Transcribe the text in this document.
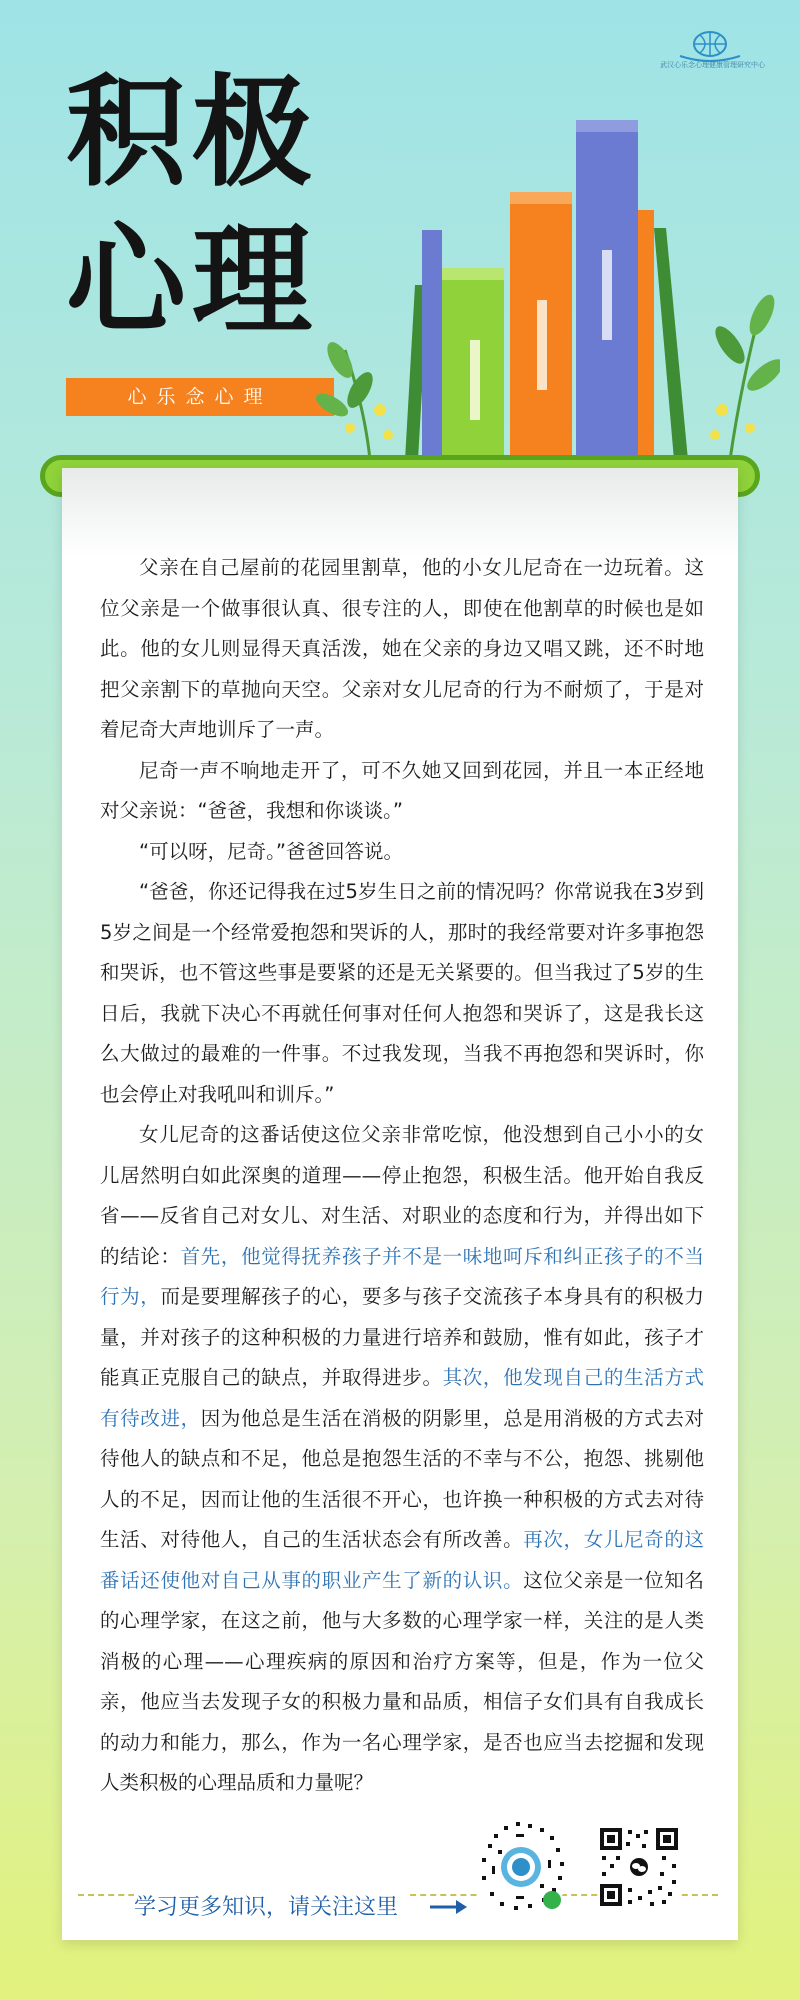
武汉心乐念心理健康管理研究中心
积极
心理
心乐念心理

父亲在自己屋前的花园里割草，他的小女儿尼奇在一边玩着。这位父亲是一个做事很认真、很专注的人，即使在他割草的时候也是如此。他的女儿则显得天真活泼，她在父亲的身边又唱又跳，还不时地把父亲割下的草抛向天空。父亲对女儿尼奇的行为不耐烦了，于是对着尼奇大声地训斥了一声。

尼奇一声不响地走开了，可不久她又回到花园，并且一本正经地对父亲说：“爸爸，我想和你谈谈。”

“可以呀，尼奇。”爸爸回答说。

“爸爸，你还记得我在过5岁生日之前的情况吗？你常说我在3岁到5岁之间是一个经常爱抱怨和哭诉的人，那时的我经常要对许多事抱怨和哭诉，也不管这些事是要紧的还是无关紧要的。但当我过了5岁的生日后，我就下决心不再就任何事对任何人抱怨和哭诉了，这是我长这么大做过的最难的一件事。不过我发现，当我不再抱怨和哭诉时，你也会停止对我吼叫和训斥。”

女儿尼奇的这番话使这位父亲非常吃惊，他没想到自己小小的女儿居然明白如此深奥的道理——停止抱怨，积极生活。他开始自我反省——反省自己对女儿、对生活、对职业的态度和行为，并得出如下的结论：首先，他觉得抚养孩子并不是一味地呵斥和纠正孩子的不当行为，而是要理解孩子的心，要多与孩子交流孩子本身具有的积极力量，并对孩子的这种积极的力量进行培养和鼓励，惟有如此，孩子才能真正克服自己的缺点，并取得进步。其次，他发现自己的生活方式有待改进，因为他总是生活在消极的阴影里，总是用消极的方式去对待他人的缺点和不足，他总是抱怨生活的不幸与不公，抱怨、挑剔他人的不足，因而让他的生活很不开心，也许换一种积极的方式去对待生活、对待他人，自己的生活状态会有所改善。再次，女儿尼奇的这番话还使他对自己从事的职业产生了新的认识。这位父亲是一位知名的心理学家，在这之前，他与大多数的心理学家一样，关注的是人类消极的心理——心理疾病的原因和治疗方案等，但是，作为一位父亲，他应当去发现子女的积极力量和品质，相信子女们具有自我成长的动力和能力，那么，作为一名心理学家，是否也应当去挖掘和发现人类积极的心理品质和力量呢？

学习更多知识，请关注这里
